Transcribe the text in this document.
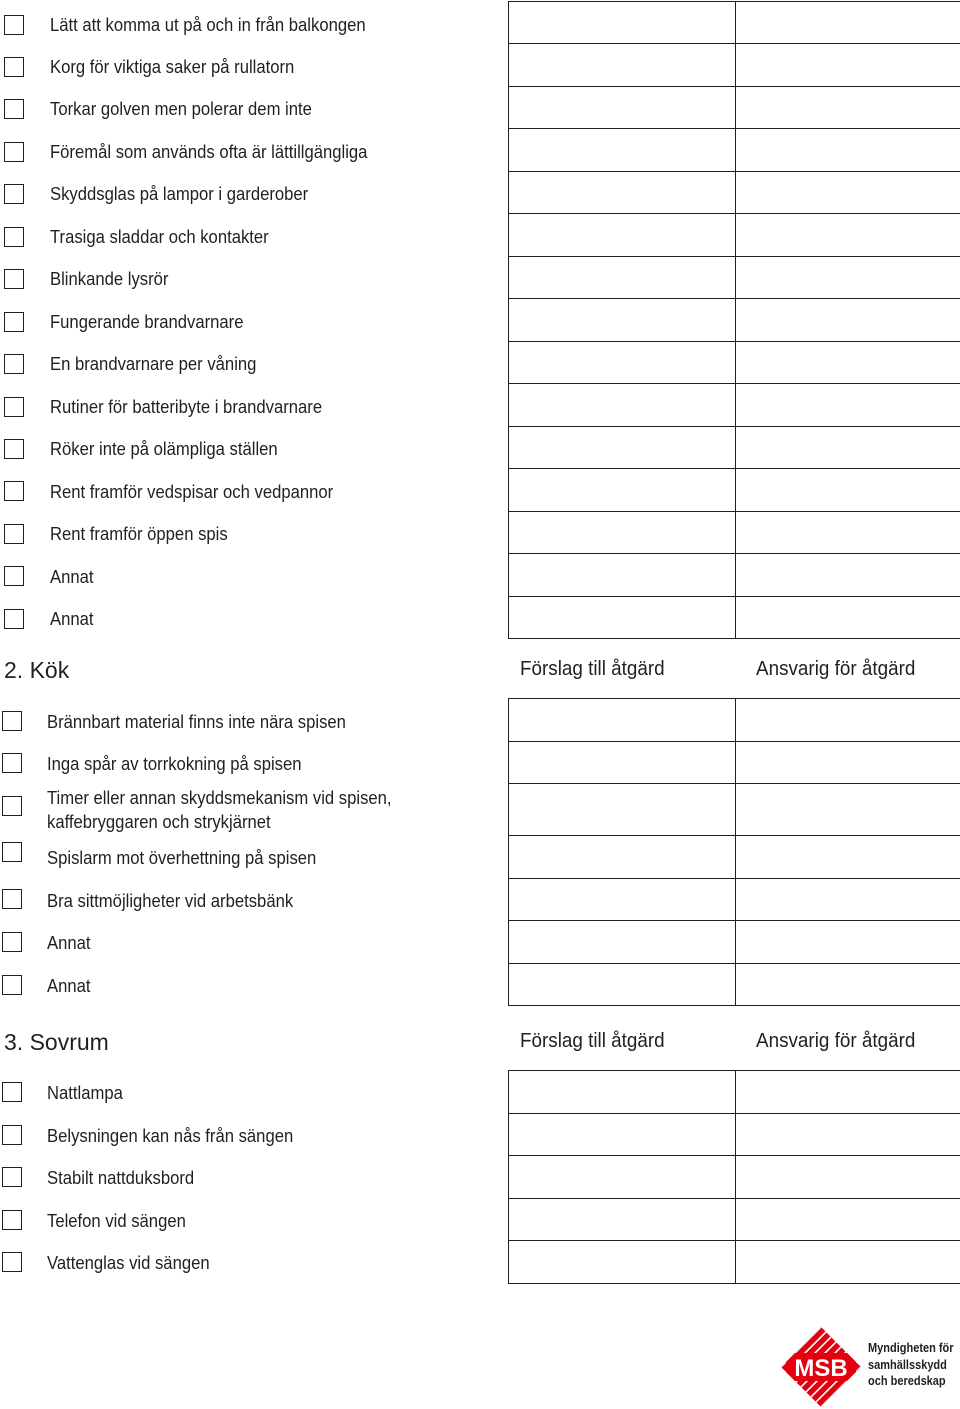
Lätt att komma ut på och in från balkongen
Korg för viktiga saker på rullatorn
Torkar golven men polerar dem inte
Föremål som används ofta är lättillgängliga
Skyddsglas på lampor i garderober
Trasiga sladdar och kontakter
Blinkande lysrör
Fungerande brandvarnare
En brandvarnare per våning
Rutiner för batteribyte i brandvarnare
Röker inte på olämpliga ställen
Rent framför vedspisar och vedpannor
Rent framför öppen spis
Annat
Annat

2. Kök	Förslag till åtgärd	Ansvarig för åtgärd
Brännbart material finns inte nära spisen
Inga spår av torrkokning på spisen
Timer eller annan skyddsmekanism vid spisen, kaffebryggaren och strykjärnet
Spislarm mot överhettning på spisen
Bra sittmöjligheter vid arbetsbänk
Annat
Annat

3. Sovrum	Förslag till åtgärd	Ansvarig för åtgärd
Nattlampa
Belysningen kan nås från sängen
Stabilt nattduksbord
Telefon vid sängen
Vattenglas vid sängen

MSB
Myndigheten för
samhällsskydd
och beredskap
